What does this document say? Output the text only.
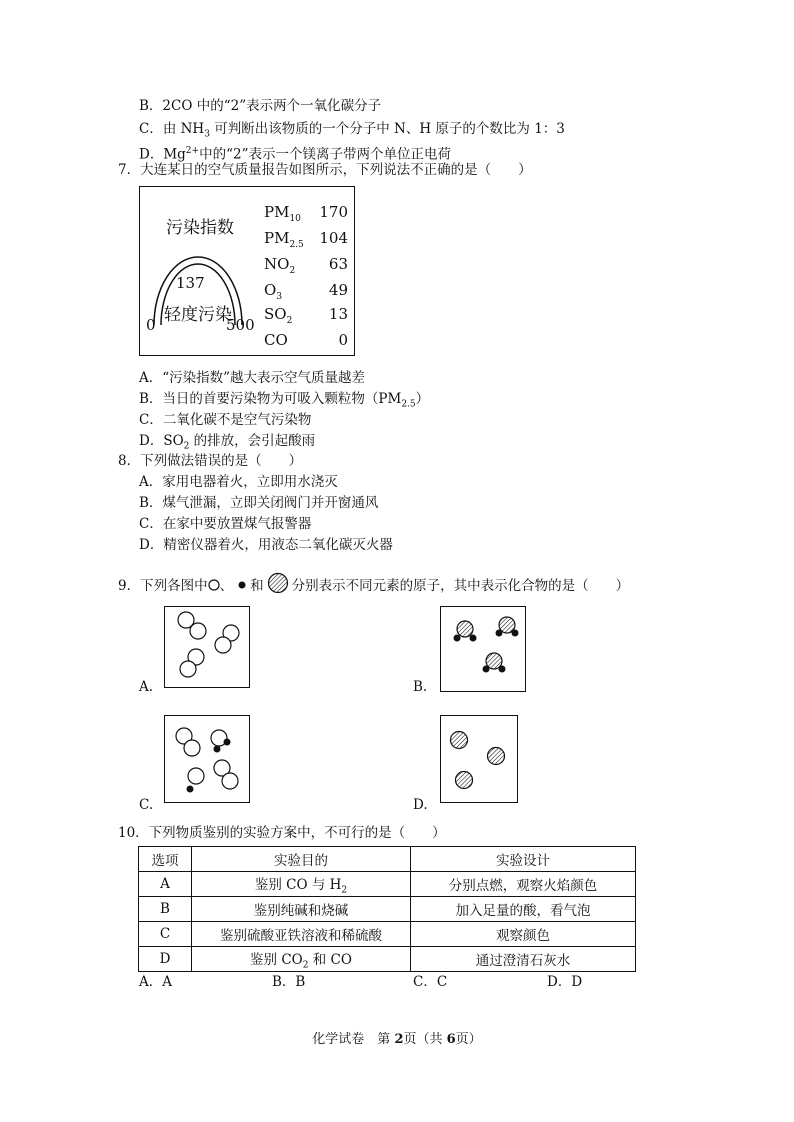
B．2CO 中的“2”表示两个一氧化碳分子
C．由 $NH_3$ 可判断出该物质的一个分子中 N、H 原子的个数比为 1：3
D．$Mg^{2+}$中的“2”表示一个镁离子带两个单位正电荷
7．大连某日的空气质量报告如图所示，下列说法不正确的是（　　）
污染指数
137
轻度污染
0	500
$PM_{10}$	170
$PM_{2.5}$	104
$NO_2$	63
$O_3$	49
$SO_2$	13
CO	0
A．“污染指数”越大表示空气质量越差
B．当日的首要污染物为可吸入颗粒物$(PM_{2.5})$
C．二氧化碳不是空气污染物
D．$SO_2$ 的排放，会引起酸雨
8．下列做法错误的是（　　）
A．家用电器着火，立即用水浇灭
B．煤气泄漏，立即关闭阀门并开窗通风
C．在家中要放置煤气报警器
D．精密仪器着火，用液态二氧化碳灭火器
9．下列各图中 、 和 分别表示不同元素的原子，其中表示化合物的是（　　）
A.	B.
C.	D.
10．下列物质鉴别的实验方案中，不可行的是（　　）
选项	实验目的	实验设计
A	鉴别 CO 与 $H_2$	分别点燃，观察火焰颜色
B	鉴别纯碱和烧碱	加入足量的酸，看气泡
C	鉴别硫酸亚铁溶液和稀硫酸	观察颜色
D	鉴别 $CO_2$ 和 CO	通过澄清石灰水
A．A	B．B	C．C	D．D
化学试卷　第 2页（共 6页）
